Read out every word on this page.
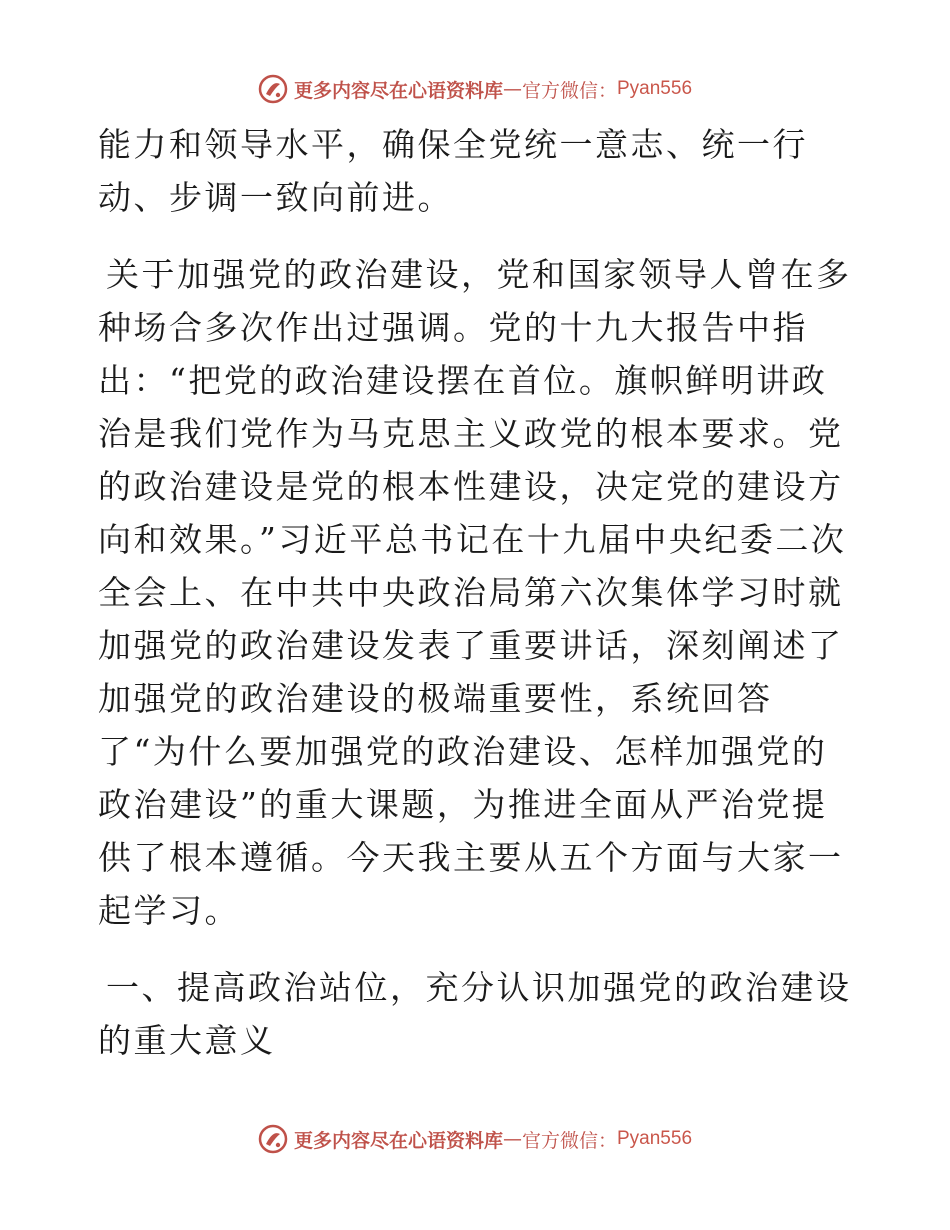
更多内容尽在心语资料库 — 官方微信： Pyan556

能力和领导水平，确保全党统一意志、统一行动、步调一致向前进。

关于加强党的政治建设，党和国家领导人曾在多种场合多次作出过强调。党的十九大报告中指出：“把党的政治建设摆在首位。旗帜鲜明讲政治是我们党作为马克思主义政党的根本要求。党的政治建设是党的根本性建设，决定党的建设方向和效果。”习近平总书记在十九届中央纪委二次全会上、在中共中央政治局第六次集体学习时就加强党的政治建设发表了重要讲话，深刻阐述了加强党的政治建设的极端重要性，系统回答了“为什么要加强党的政治建设、怎样加强党的政治建设”的重大课题，为推进全面从严治党提供了根本遵循。今天我主要从五个方面与大家一起学习。

一、提高政治站位，充分认识加强党的政治建设的重大意义

更多内容尽在心语资料库 — 官方微信： Pyan556
